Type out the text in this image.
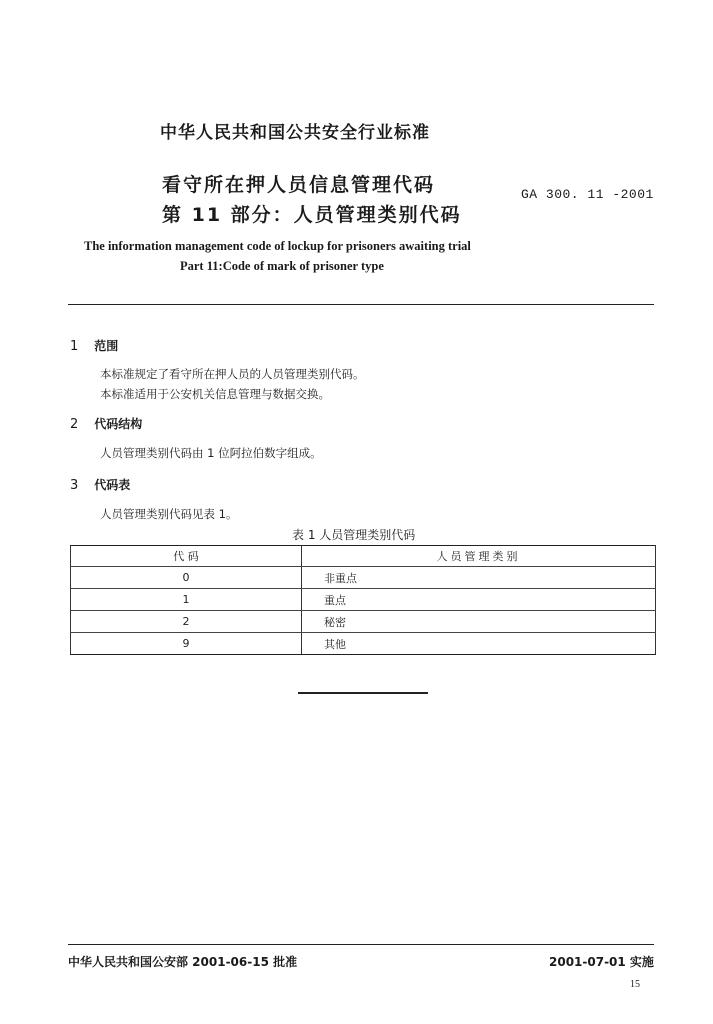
中华人民共和国公共安全行业标准
看守所在押人员信息管理代码
第 11 部分：人员管理类别代码
GA 300. 11 -2001
The information management code of lockup for prisoners awaiting trial
Part 11:Code of mark of prisoner type
1 范围
本标准规定了看守所在押人员的人员管理类别代码。
本标准适用于公安机关信息管理与数据交换。
2 代码结构
人员管理类别代码由 1 位阿拉伯数字组成。
3 代码表
人员管理类别代码见表 1。
表 1 人员管理类别代码
代 码	人员管理类别
0	非重点
1	重点
2	秘密
9	其他
中华人民共和国公安部 2001-06-15 批准	2001-07-01 实施
15
